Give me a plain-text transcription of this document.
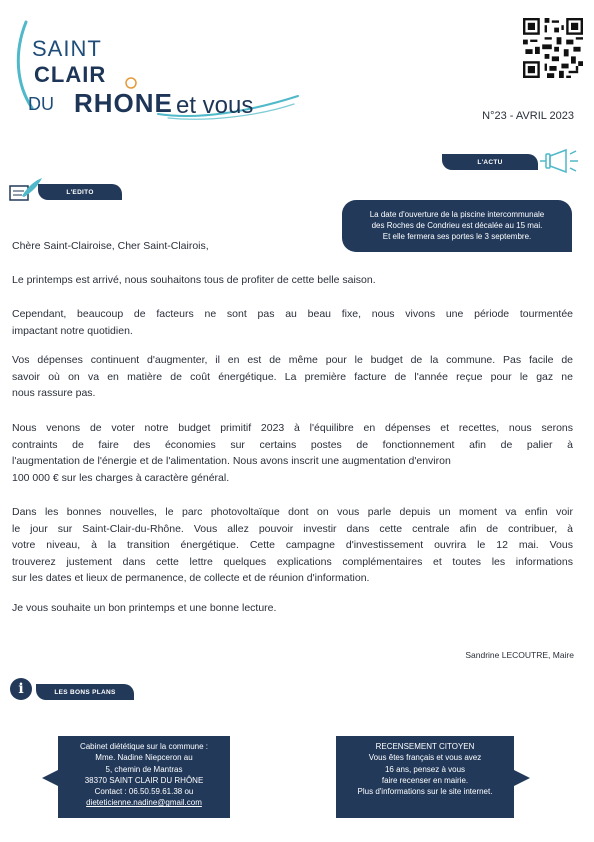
SAINT
CLAIR
DU RHONE et vous	N°23 - AVRIL 2023
L'ACTU
La date d'ouverture de la piscine intercommunale
des Roches de Condrieu est décalée au 15 mai.
Et elle fermera ses portes le 3 septembre.
L'EDITO
Chère Saint-Clairoise, Cher Saint-Clairois,
Le printemps est arrivé, nous souhaitons tous de profiter de cette belle saison.
Cependant, beaucoup de facteurs ne sont pas au beau fixe, nous vivons une période tourmentée
impactant notre quotidien.
Vos dépenses continuent d'augmenter, il en est de même pour le budget de la commune. Pas facile de
savoir où on va en matière de coût énergétique. La première facture de l'année reçue pour le gaz ne
nous rassure pas.
Nous venons de voter notre budget primitif 2023 à l'équilibre en dépenses et recettes, nous serons
contraints de faire des économies sur certains postes de fonctionnement afin de palier à
l'augmentation de l'énergie et de l'alimentation. Nous avons inscrit une augmentation d'environ
100 000 € sur les charges à caractère général.
Dans les bonnes nouvelles, le parc photovoltaïque dont on vous parle depuis un moment va enfin voir
le jour sur Saint-Clair-du-Rhône. Vous allez pouvoir investir dans cette centrale afin de contribuer, à
votre niveau, à la transition énergétique. Cette campagne d'investissement ouvrira le 12 mai. Vous
trouverez justement dans cette lettre quelques explications complémentaires et toutes les informations
sur les dates et lieux de permanence, de collecte et de réunion d'information.
Je vous souhaite un bon printemps et une bonne lecture.
Sandrine LECOUTRE, Maire
i	LES BONS PLANS
Cabinet diététique sur la commune :
Mme. Nadine Niepceron au
5, chemin de Mantras
38370 SAINT CLAIR DU RHÔNE
Contact : 06.50.59.61.38 ou
dieteticienne.nadine@gmail.com
RECENSEMENT CITOYEN
Vous êtes français et vous avez
16 ans, pensez à vous
faire recenser en mairie.
Plus d'informations sur le site internet.
